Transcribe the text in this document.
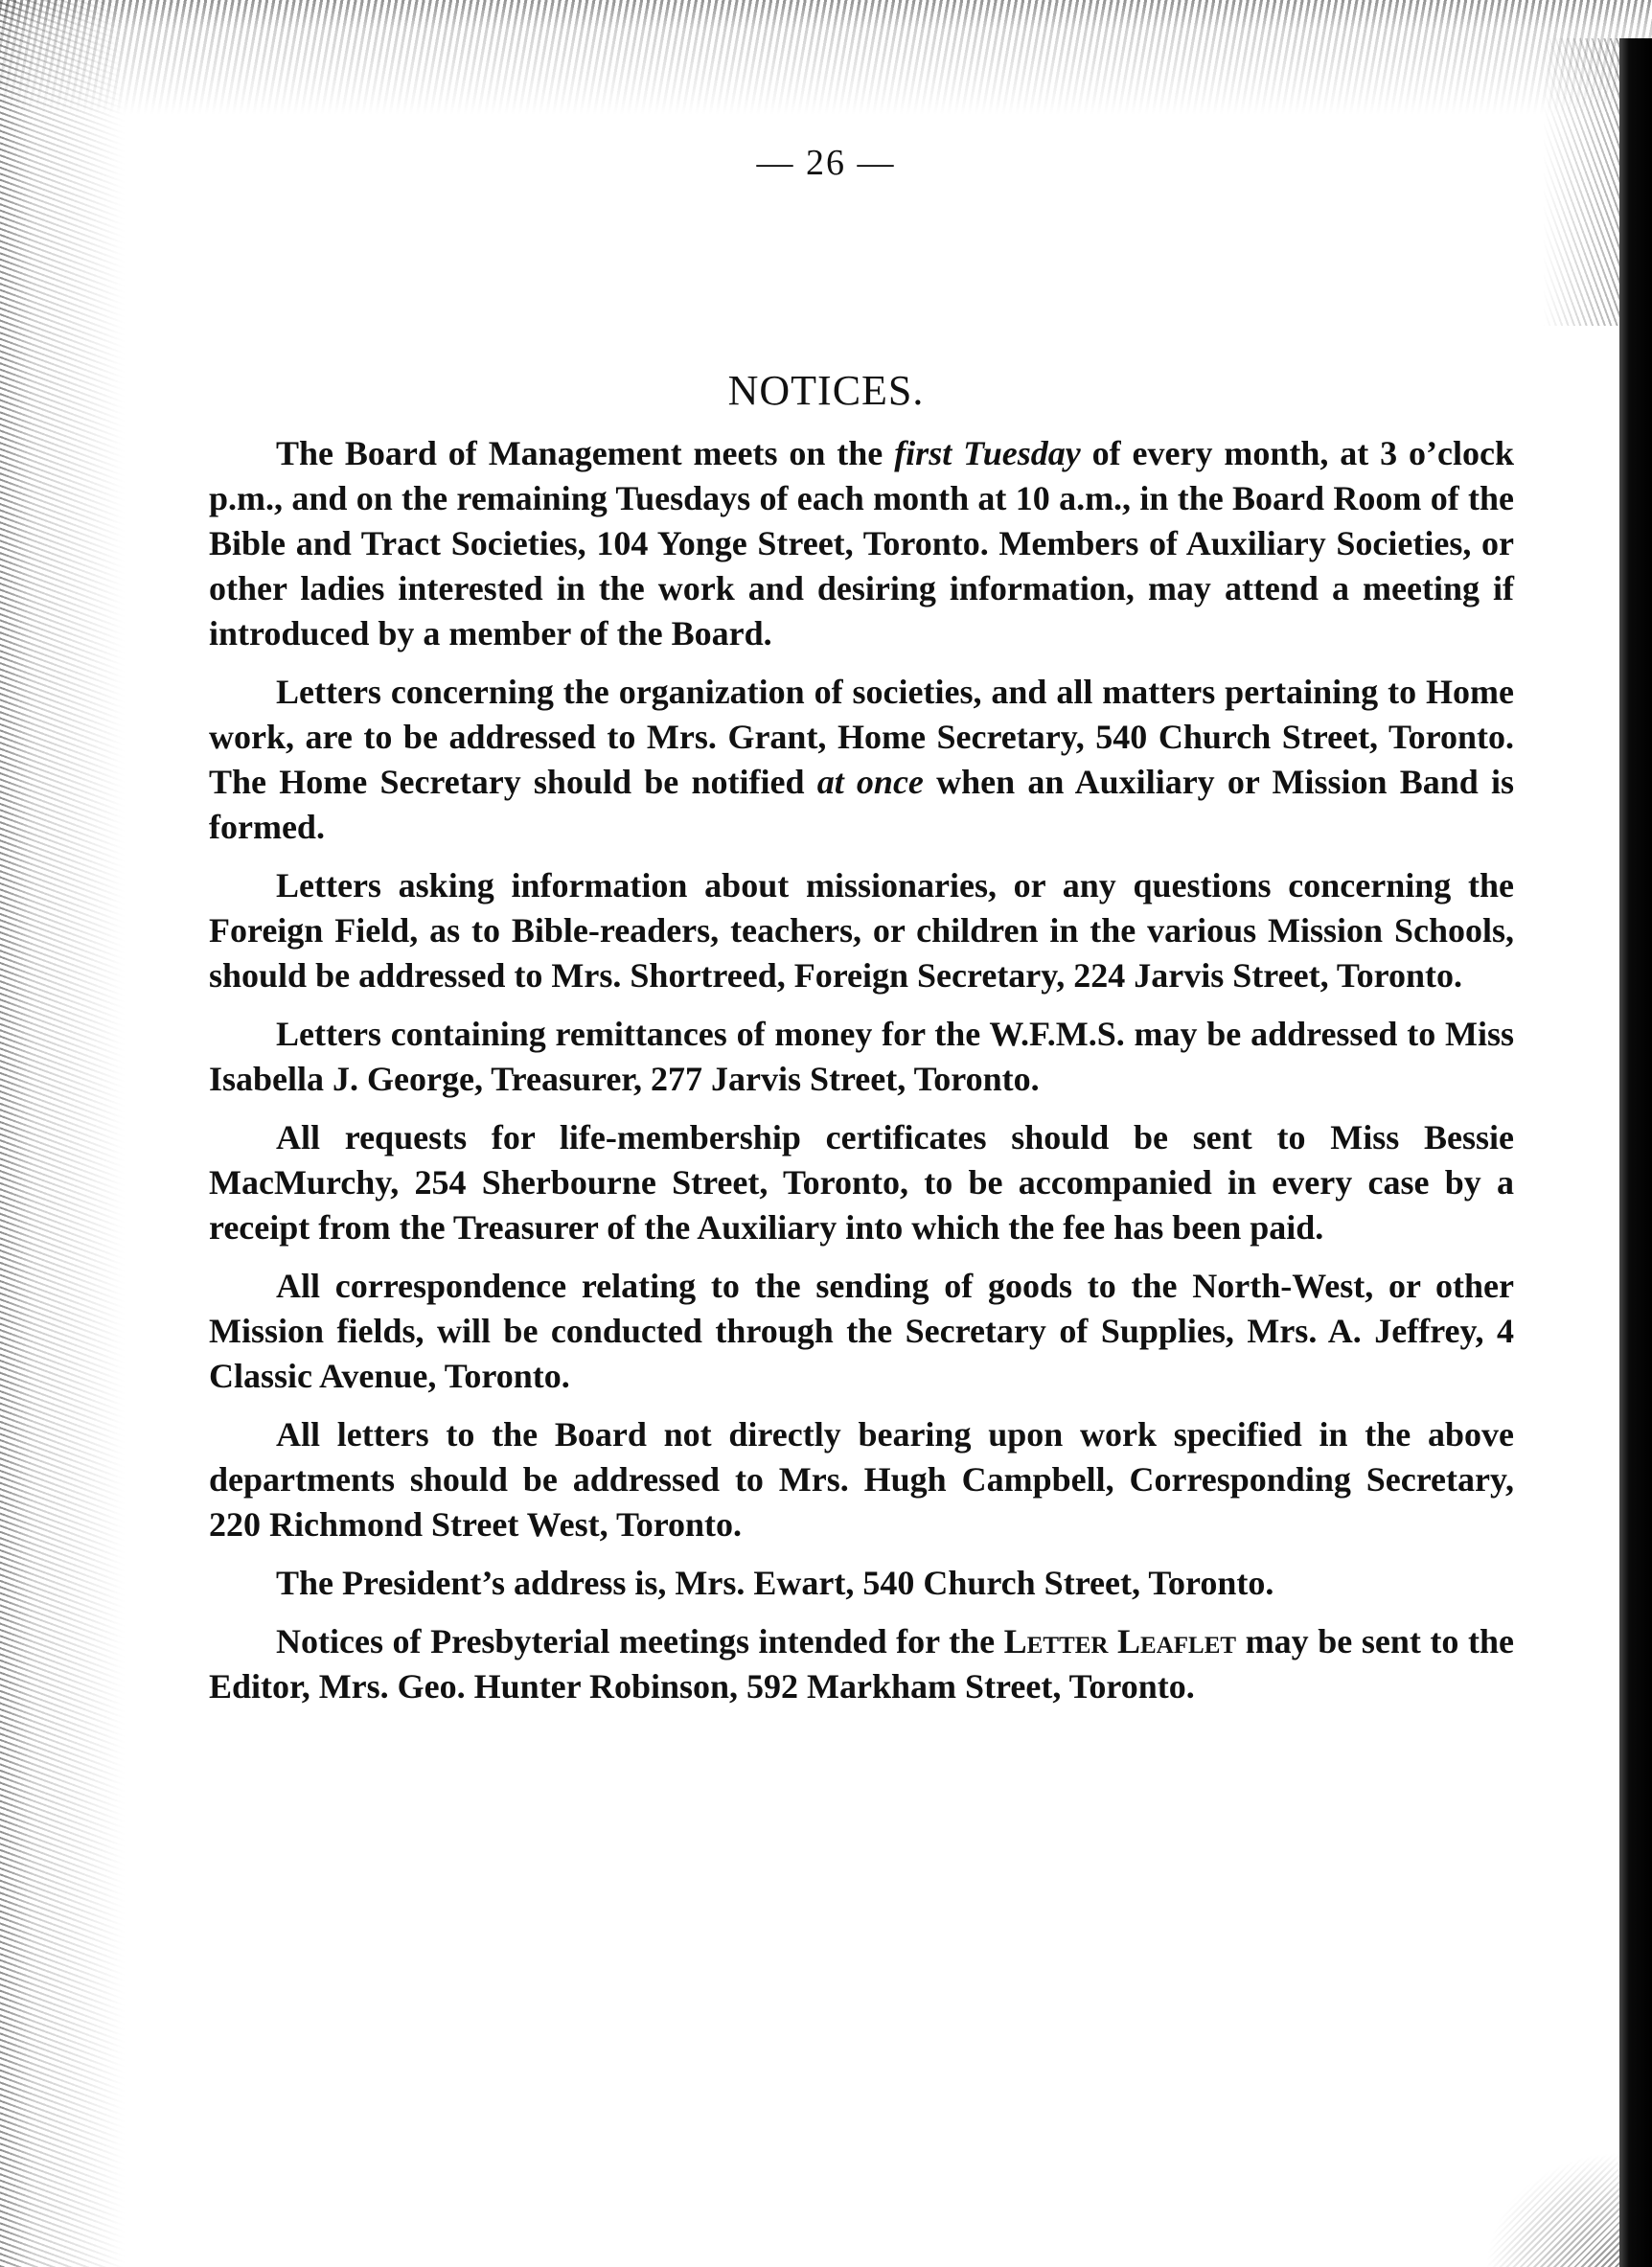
— 26 —
NOTICES.

The Board of Management meets on the first Tuesday of every month, at 3 o’clock p.m., and on the remaining Tuesdays of each month at 10 a.m., in the Board Room of the Bible and Tract Societies, 104 Yonge Street, Toronto. Members of Auxiliary Societies, or other ladies interested in the work and desiring information, may attend a meeting if introduced by a member of the Board.

Letters concerning the organization of societies, and all matters pertaining to Home work, are to be addressed to Mrs. Grant, Home Secretary, 540 Church Street, Toronto. The Home Secretary should be notified at once when an Auxiliary or Mission Band is formed.

Letters asking information about missionaries, or any questions concerning the Foreign Field, as to Bible-readers, teachers, or children in the various Mission Schools, should be addressed to Mrs. Shortreed, Foreign Secretary, 224 Jarvis Street, Toronto.

Letters containing remittances of money for the W.F.M.S. may be addressed to Miss Isabella J. George, Treasurer, 277 Jarvis Street, Toronto.

All requests for life-membership certificates should be sent to Miss Bessie MacMurchy, 254 Sherbourne Street, Toronto, to be accompanied in every case by a receipt from the Treasurer of the Auxiliary into which the fee has been paid.

All correspondence relating to the sending of goods to the North-West, or other Mission fields, will be conducted through the Secretary of Supplies, Mrs. A. Jeffrey, 4 Classic Avenue, Toronto.

All letters to the Board not directly bearing upon work specified in the above departments should be addressed to Mrs. Hugh Campbell, Corresponding Secretary, 220 Richmond Street West, Toronto.

The President’s address is, Mrs. Ewart, 540 Church Street, Toronto.

Notices of Presbyterial meetings intended for the Letter Leaflet may be sent to the Editor, Mrs. Geo. Hunter Robinson, 592 Markham Street, Toronto.
